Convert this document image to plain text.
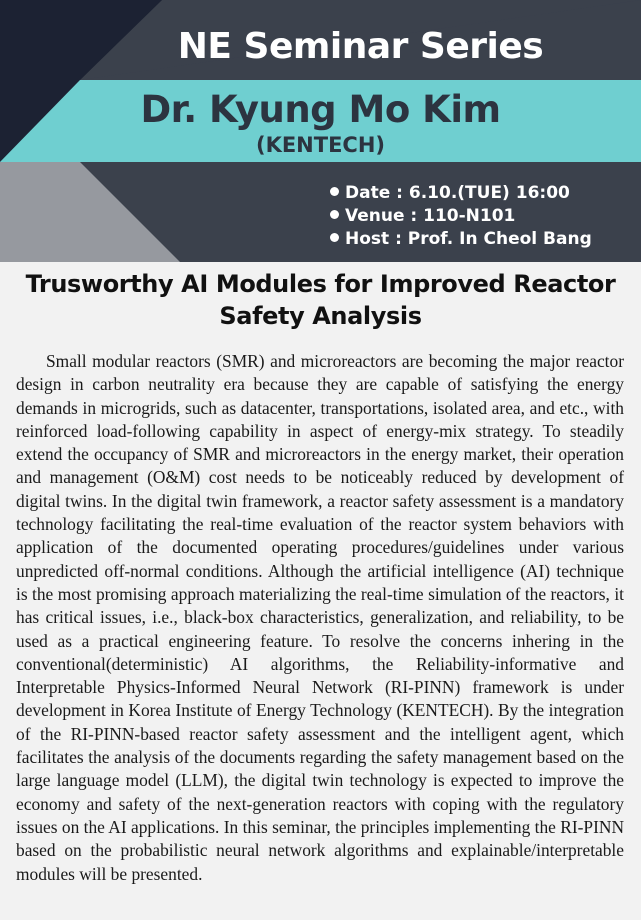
NE Seminar Series
Dr. Kyung Mo Kim
(KENTECH)
Date : 6.10.(TUE) 16:00
Venue : 110-N101
Host : Prof. In Cheol Bang
Trusworthy AI Modules for Improved Reactor Safety Analysis

Small modular reactors (SMR) and microreactors are becoming the major reactor design in carbon neutrality era because they are capable of satisfying the energy demands in microgrids, such as datacenter, transportations, isolated area, and etc., with reinforced load-following capability in aspect of energy-mix strategy. To steadily extend the occupancy of SMR and microreactors in the energy market, their operation and management (O&M) cost needs to be noticeably reduced by development of digital twins. In the digital twin framework, a reactor safety assessment is a mandatory technology facilitating the real-time evaluation of the reactor system behaviors with application of the documented operating procedures/guidelines under various unpredicted off-normal conditions. Although the artificial intelligence (AI) technique is the most promising approach materializing the real-time simulation of the reactors, it has critical issues, i.e., black-box characteristics, generalization, and reliability, to be used as a practical engineering feature. To resolve the concerns inhering in the conventional(deterministic) AI algorithms, the Reliability-informative and Interpretable Physics-Informed Neural Network (RI-PINN) framework is under development in Korea Institute of Energy Technology (KENTECH). By the integration of the RI-PINN-based reactor safety assessment and the intelligent agent, which facilitates the analysis of the documents regarding the safety management based on the large language model (LLM), the digital twin technology is expected to improve the economy and safety of the next-generation reactors with coping with the regulatory issues on the AI applications. In this seminar, the principles implementing the RI-PINN based on the probabilistic neural network algorithms and explainable/interpretable modules will be presented.
